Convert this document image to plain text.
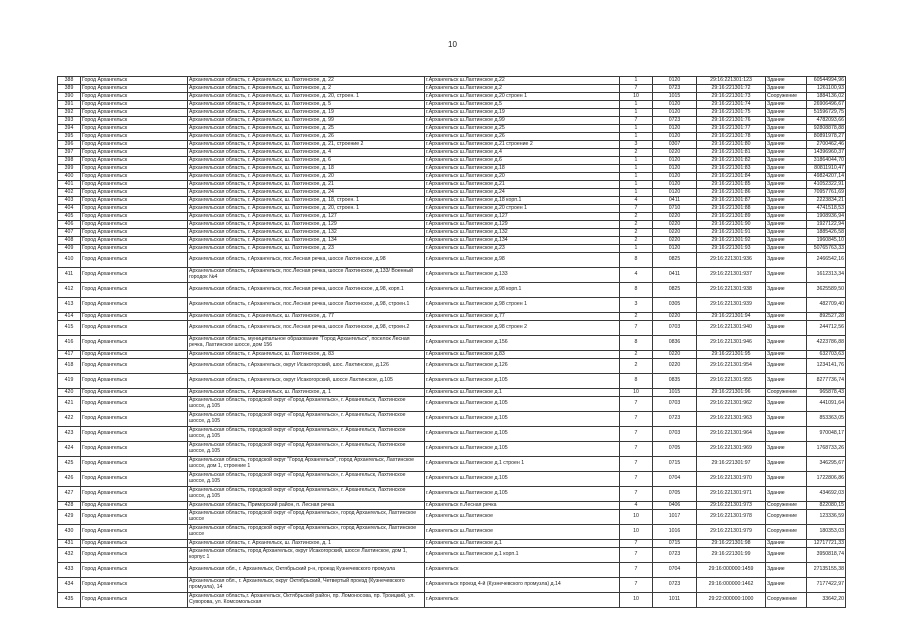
10
388	Город Архангельск	Архангельская область, г. Архангельск, ш. Лахтинское, д. 22	г.Архангельск ш.Лахтинское д.22	1	0120	29:16:221301:123	Здание	60544994,96
389	Город Архангельск	Архангельская область, г. Архангельск, ш. Лахтинское, д. 2	г.Архангельск ш.Лахтинское д.2	7	0723	29:16:221301:72	Здание	1261100,93
390	Город Архангельск	Архангельская область, г. Архангельск, ш. Лахтинское, д. 20, строен. 1	г.Архангельск ш.Лахтинское д.20 строен 1	10	1015	29:16:221301:73	Сооружение	1884136,02
391	Город Архангельск	Архангельская область, г. Архангельск, ш. Лахтинское, д. 5	г.Архангельск ш.Лахтинское д.5	1	0120	29:16:221301:74	Здание	26906496,67
392	Город Архангельск	Архангельская область, г. Архангельск, ш. Лахтинское, д. 19	г.Архангельск ш.Лахтинское д.19	1	0120	29:16:221301:75	Здание	51596729,75
393	Город Архангельск	Архангельская область, г. Архангельск, ш. Лахтинское, д. 99	г.Архангельск ш.Лахтинское д.99	7	0723	29:16:221301:76	Здание	4782093,66
394	Город Архангельск	Архангельская область, г. Архангельск, ш. Лахтинское, д. 25	г.Архангельск ш.Лахтинское д.25	1	0120	29:16:221301:77	Здание	92808878,88
395	Город Архангельск	Архангельская область, г. Архангельск, ш. Лахтинское, д. 26	г.Архангельск ш.Лахтинское д.26	1	0120	29:16:221301:78	Здание	80891978,27
396	Город Архангельск	Архангельская область, г. Архангельск, ш. Лахтинское, д. 21, строение 2	г.Архангельск ш.Лахтинское д.21 строение 2	3	0307	29:16:221301:80	Здание	2700462,46
397	Город Архангельск	Архангельская область, г. Архангельск, ш. Лахтинское, д. 4	г.Архангельск ш.Лахтинское д.4	2	0220	29:16:221301:81	Здание	14396960,37
398	Город Архангельск	Архангельская область, г. Архангельск, ш. Лахтинское, д. 6	г.Архангельск ш.Лахтинское д.6	1	0120	29:16:221301:82	Здание	31864044,70
399	Город Архангельск	Архангельская область, г. Архангельск, ш. Лахтинское, д. 18	г.Архангельск ш.Лахтинское д.18	1	0120	29:16:221301:83	Здание	80811910,47
400	Город Архангельск	Архангельская область, г. Архангельск, ш. Лахтинское, д. 20	г.Архангельск ш.Лахтинское д.20	1	0120	29:16:221301:84	Здание	49824207,14
401	Город Архангельск	Архангельская область, г. Архангельск, ш. Лахтинское, д. 21	г.Архангельск ш.Лахтинское д.21	1	0120	29:16:221301:85	Здание	41052322,91
402	Город Архангельск	Архангельская область, г. Архангельск, ш. Лахтинское, д. 24	г.Архангельск ш.Лахтинское д.24	1	0120	29:16:221301:86	Здание	70957761,69
403	Город Архангельск	Архангельская область, г. Архангельск, ш. Лахтинское, д. 18, строен. 1	г.Архангельск ш.Лахтинское д.18 корп.1	4	0411	29:16:221301:87	Здание	2223834,21
404	Город Архангельск	Архангельская область, г. Архангельск, ш. Лахтинское, д. 20, строен. 1	г.Архангельск ш.Лахтинское д.20 строен 1	7	0710	29:16:221301:88	Здание	4741518,53
405	Город Архангельск	Архангельская область, г. Архангельск, ш. Лахтинское, д. 127	г.Архангельск ш.Лахтинское д.127	2	0220	29:16:221301:89	Здание	1908936,94
406	Город Архангельск	Архангельская область, г. Архангельск, ш. Лахтинское, д. 129	г.Архангельск ш.Лахтинское д.129	2	0220	29:16:221301:90	Здание	1927122,94
407	Город Архангельск	Архангельская область, г. Архангельск, ш. Лахтинское, д. 132	г.Архангельск ш.Лахтинское д.132	2	0220	29:16:221301:91	Здание	1885426,58
408	Город Архангельск	Архангельская область, г. Архангельск, ш. Лахтинское, д. 134	г.Архангельск ш.Лахтинское д.134	2	0220	29:16:221301:92	Здание	1960845,10
409	Город Архангельск	Архангельская область, г. Архангельск, ш. Лахтинское, д. 23	г.Архангельск ш.Лахтинское д.23	1	0120	29:16:221301:93	Здание	50765763,33
410	Город Архангельск	Архангельская область, г.Архангельск, пос.Лесная речка, шоссе Лахтинское, д.98	г.Архангельск ш.Лахтинское д.98	8	0825	29:16:221301:936	Здание	2466542,16
411	Город Архангельск	Архангельская область, г.Архангельск, пос.Лесная речка, шоссе Лахтинское, д.133/ Военный городок №4	г.Архангельск ш.Лахтинское д.133	4	0411	29:16:221301:937	Здание	1612313,34
412	Город Архангельск	Архангельская область, г.Архангельск, пос.Лесная речка, шоссе Лахтинское, д.98, корп.1	г.Архангельск ш.Лахтинское д.98 корп.1	8	0825	29:16:221301:938	Здание	3625589,50
413	Город Архангельск	Архангельская область, г.Архангельск, пос.Лесная речка, шоссе Лахтинское, д.98, строен.1	г.Архангельск ш.Лахтинское д.98 строен 1	3	0305	29:16:221301:939	Здание	482709,40
414	Город Архангельск	Архангельская область, г. Архангельск, ш. Лахтинское, д. 77	г.Архангельск ш.Лахтинское д.77	2	0220	29:16:221301:94	Здание	892527,28
415	Город Архангельск	Архангельская область, г.Архангельск, пос.Лесная речка, шоссе Лахтинское, д.98, строен.2	г.Архангельск ш.Лахтинское д.98 строен 2	7	0703	29:16:221301:940	Здание	244712,56
416	Город Архангельск	Архангельская область, муниципальное образование "Город Архангельск", поселок Лесная речка, Лахтинское шоссе, дом 156	г.Архангельск ш.Лахтинское д.156	8	0836	29:16:221301:946	Здание	4223786,88
417	Город Архангельск	Архангельская область, г. Архангельск, ш. Лахтинское, д. 83	г.Архангельск ш.Лахтинское д.83	2	0220	29:16:221301:95	Здание	632703,63
418	Город Архангельск	Архангельская область, г.Архангельск, округ Исакогорский, шос. Лахтинское, д.126	г.Архангельск ш.Лахтинское д.126	2	0220	29:16:221301:954	Здание	1234141,76
419	Город Архангельск	Архангельская область, г.Архангельск, округ Исакогорский, шоссе Лахтинское, д.105	г.Архангельск ш.Лахтинское д.105	8	0835	29:16:221301:955	Здание	8277736,74
420	Город Архангельск	Архангельская область, г. Архангельск, ш. Лахтинское, д. 1	г.Архангельск ш.Лахтинское д.1	10	1015	29:16:221301:96	Сооружение	965878,43
421	Город Архангельск	Архангельская область, городской округ «Город Архангельск», г. Архангельск, Лахтинское шоссе, д.105	г.Архангельск ш.Лахтинское д.105	7	0703	29:16:221301:962	Здание	441091,64
422	Город Архангельск	Архангельская область, городской округ «Город Архангельск», г. Архангельск, Лахтинское шоссе, д.105	г.Архангельск ш.Лахтинское д.105	7	0723	29:16:221301:963	Здание	853363,05
423	Город Архангельск	Архангельская область, городской округ «Город Архангельск», г. Архангельск, Лахтинское шоссе, д.105	г.Архангельск ш.Лахтинское д.105	7	0703	29:16:221301:964	Здание	970048,17
424	Город Архангельск	Архангельская область, городской округ «Город Архангельск», г. Архангельск, Лахтинское шоссе, д.105	г.Архангельск ш.Лахтинское д.105	7	0705	29:16:221301:969	Здание	1768733,26
425	Город Архангельск	Архангельская область, городской округ "Город Архангельск", город Архангельск, Лахтинское шоссе, дом 1, строение 1	г.Архангельск ш.Лахтинское д.1 строен 1	7	0715	29:16:221301:97	Здание	346295,67
426	Город Архангельск	Архангельская область, городской округ «Город Архангельск», г. Архангельск, Лахтинское шоссе, д.105	г.Архангельск ш.Лахтинское д.105	7	0704	29:16:221301:970	Здание	1722806,86
427	Город Архангельск	Архангельская область, городской округ «Город Архангельск», г. Архангельск, Лахтинское шоссе, д.105	г.Архангельск ш.Лахтинское д.105	7	0705	29:16:221301:971	Здание	434692,03
428	Город Архангельск	Архангельская область, Приморский район, п. Лесная речка	г.Архангельск п.Лесная речка	4	0406	29:16:221301:973	Сооружение	822080,15
429	Город Архангельск	Архангельская область, городской округ «Город Архангельск», город Архангельск, Лахтинское шоссе	г.Архангельск ш.Лахтинское	10	1017	29:16:221301:978	Сооружение	123336,59
430	Город Архангельск	Архангельская область, городской округ «Город Архангельск», город Архангельск, Лахтинское шоссе	г.Архангельск ш.Лахтинское	10	1016	29:16:221301:979	Сооружение	180353,03
431	Город Архангельск	Архангельская область, г. Архангельск, ш. Лахтинское, д. 1	г.Архангельск ш.Лахтинское д.1	7	0715	29:16:221301:98	Здание	12717721,33
432	Город Архангельск	Архангельская область, город Архангельск, округ Исакогорский, шоссе Лахтинское, дом 1, корпус 1	г.Архангельск ш.Лахтинское д.1 корп.1	7	0723	29:16:221301:99	Здание	3950818,74
433	Город Архангельск	Архангельская обл., г. Архангельск, Октябрьский р-н, проезд Кузнечевского промузла	г.Архангельск	7	0704	29:16:000000:1459	Здание	27135155,38
434	Город Архангельск	Архангельская обл., г. Архангельск, округ Октябрьский, Четвертый проезд (Кузнечевского промузла), 14	г.Архангельск проезд 4-й (Кузнечевского промузла) д.14	7	0723	29:16:000000:1462	Здание	7177422,97
435	Город Архангельск	Архангельская область,г. Архангельск, Октябрьский район, пр. Ломоносова, пр. Троицкий, ул. Суворова, ул. Комсомольская	г.Архангельск	10	1011	29:22:000000:1000	Сооружение	33642,20
